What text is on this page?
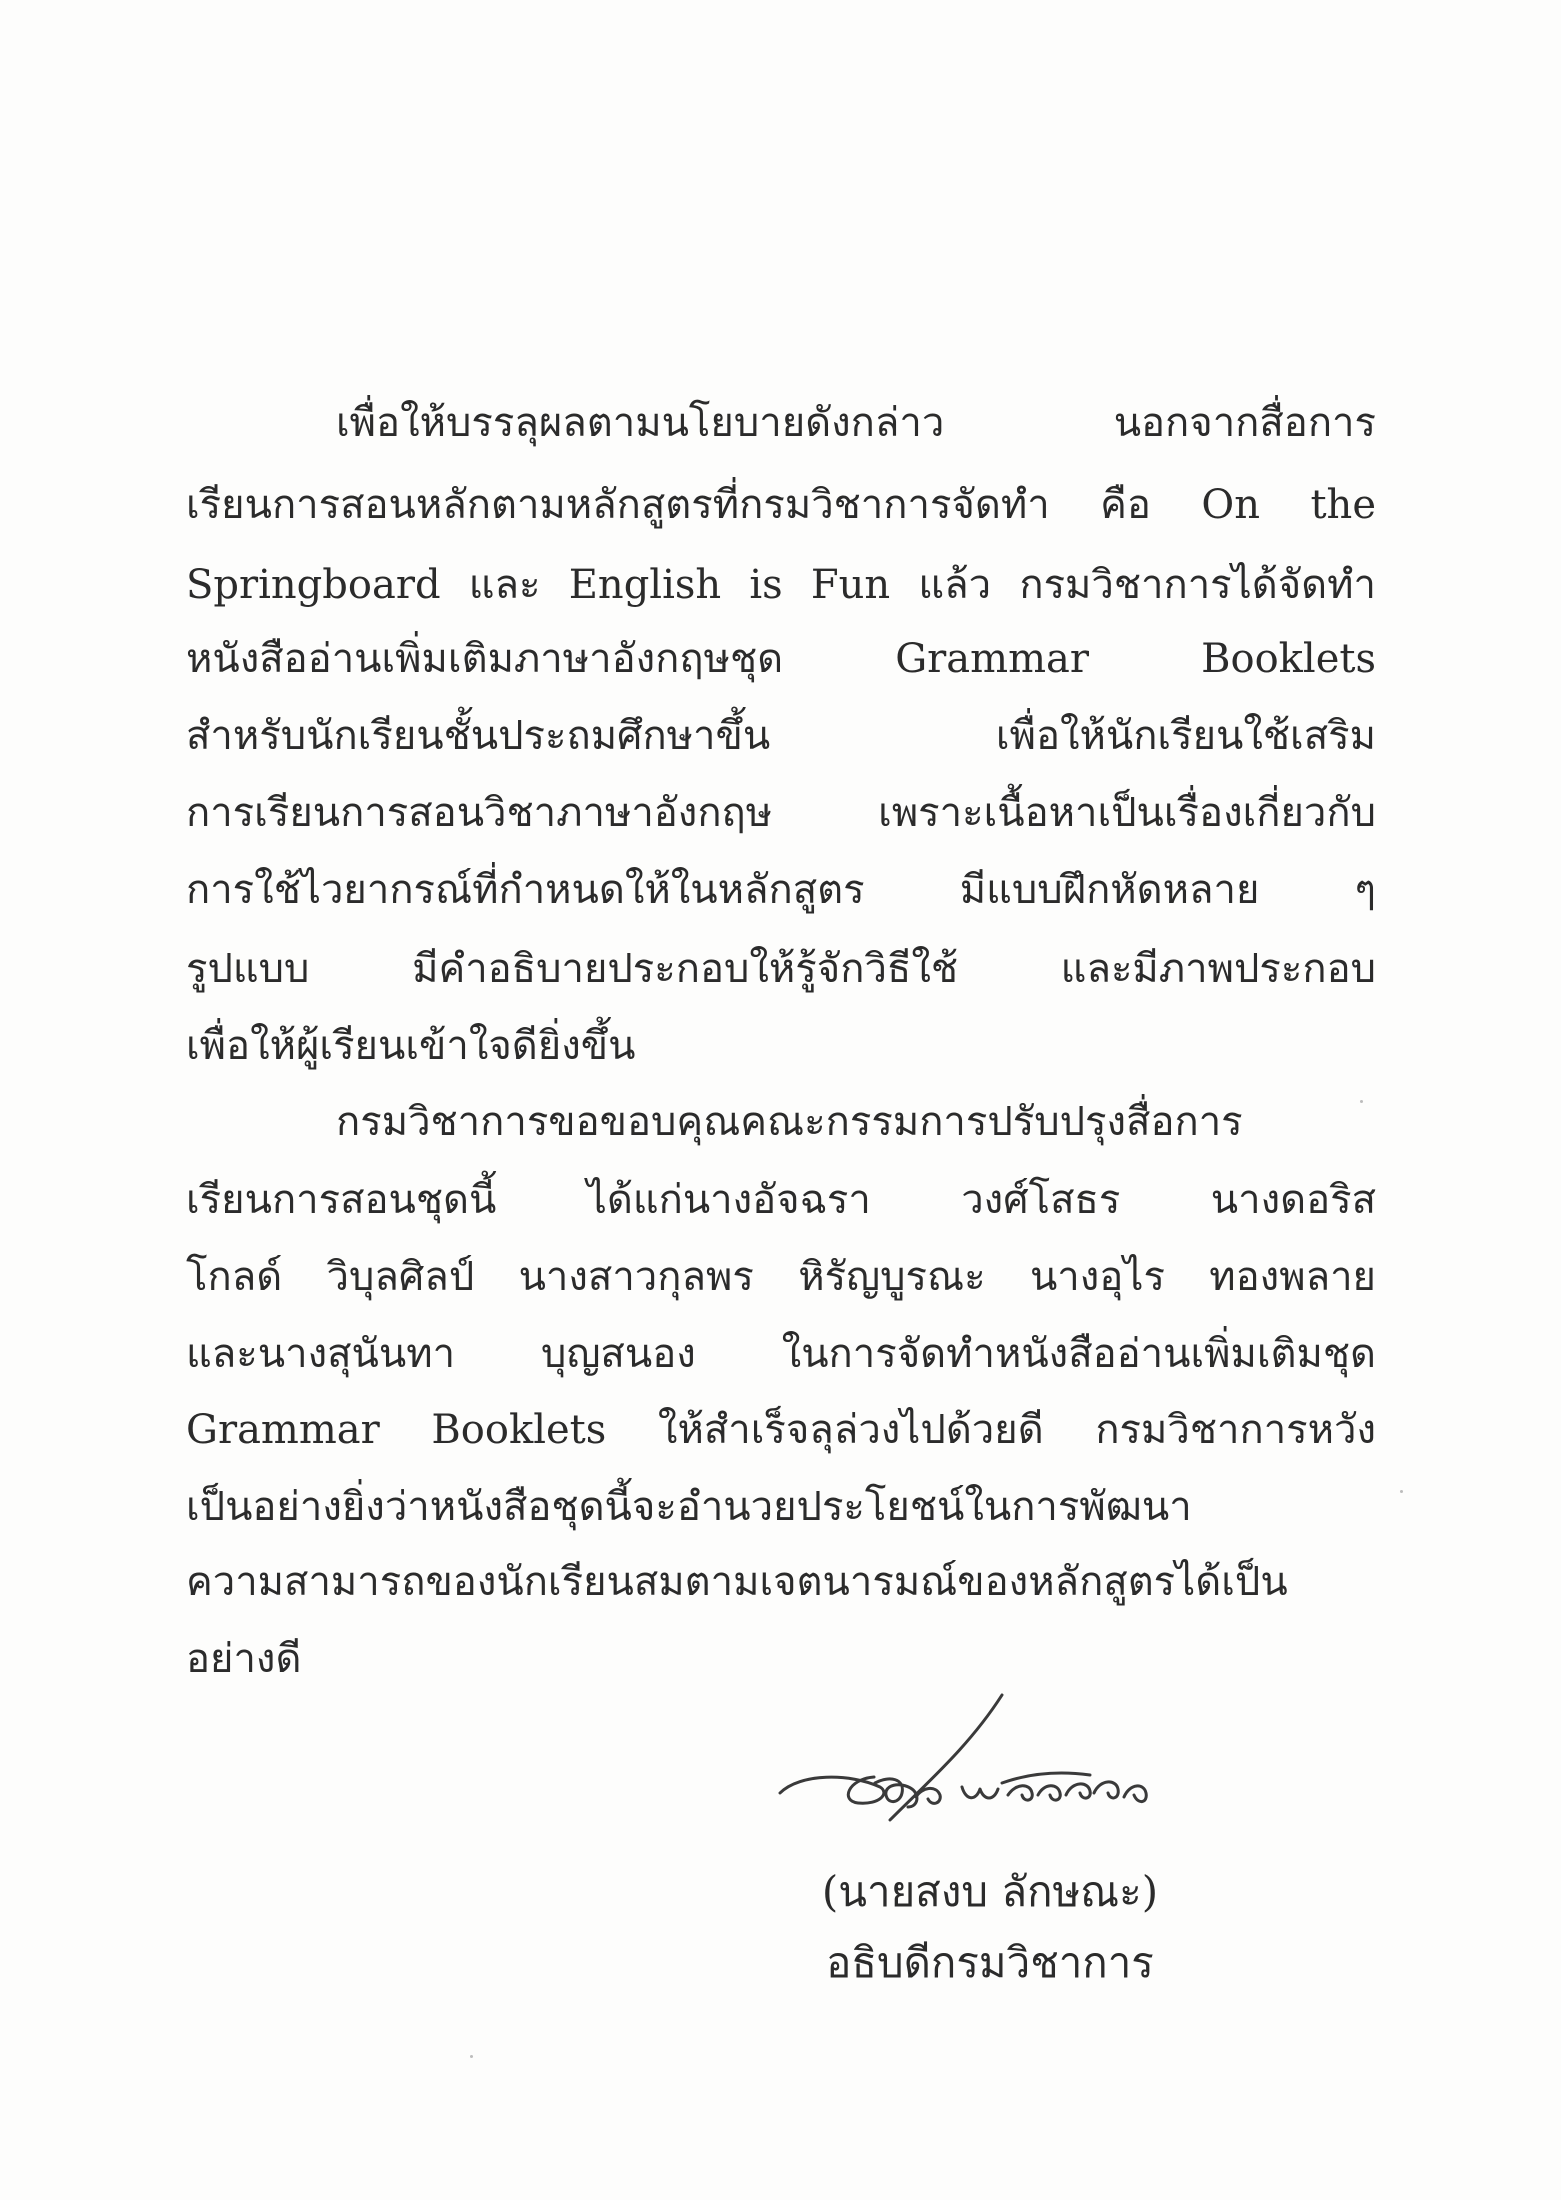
เพื่อให้บรรลุผลตามนโยบายดังกล่าว นอกจากสื่อการ
เรียนการสอนหลักตามหลักสูตรที่กรมวิชาการจัดทำ คือ On the
Springboard และ English is Fun แล้ว กรมวิชาการได้จัดทำ
หนังสืออ่านเพิ่มเติมภาษาอังกฤษชุด Grammar Booklets
สำหรับนักเรียนชั้นประถมศึกษาขึ้น เพื่อให้นักเรียนใช้เสริม
การเรียนการสอนวิชาภาษาอังกฤษ เพราะเนื้อหาเป็นเรื่องเกี่ยวกับ
การใช้ไวยากรณ์ที่กำหนดให้ในหลักสูตร มีแบบฝึกหัดหลาย ๆ
รูปแบบ มีคำอธิบายประกอบให้รู้จักวิธีใช้ และมีภาพประกอบ
เพื่อให้ผู้เรียนเข้าใจดียิ่งขึ้น
กรมวิชาการขอขอบคุณคณะกรรมการปรับปรุงสื่อการ
เรียนการสอนชุดนี้ ได้แก่นางอัจฉรา วงศ์โสธร นางดอริส
โกลด์ วิบุลศิลป์ นางสาวกุลพร หิรัญบูรณะ นางอุไร ทองพลาย
และนางสุนันทา บุญสนอง ในการจัดทำหนังสืออ่านเพิ่มเติมชุด
Grammar Booklets ให้สำเร็จลุล่วงไปด้วยดี กรมวิชาการหวัง
เป็นอย่างยิ่งว่าหนังสือชุดนี้จะอำนวยประโยชน์ในการพัฒนา
ความสามารถของนักเรียนสมตามเจตนารมณ์ของหลักสูตรได้เป็น
อย่างดี
(นายสงบ ลักษณะ)
อธิบดีกรมวิชาการ
